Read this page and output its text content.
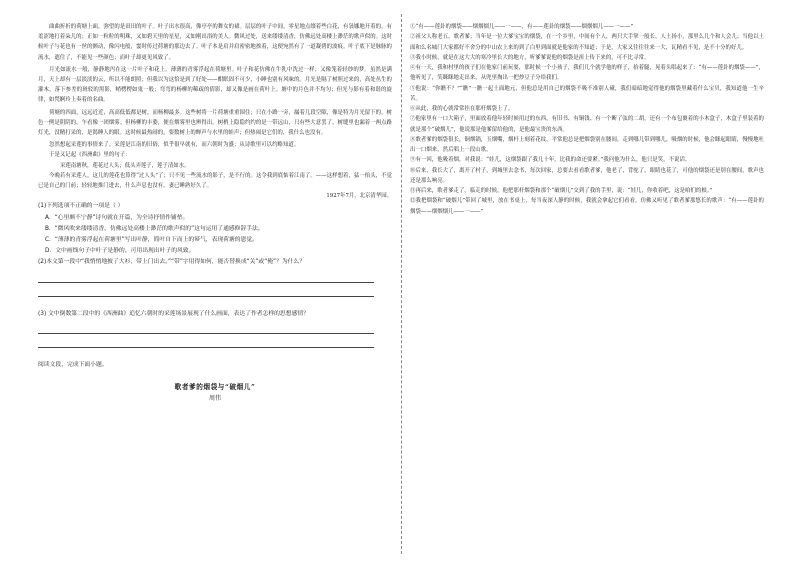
曲曲折折的荷塘上面，弥望的是田田的叶子。叶子出水很高，像亭亭的舞女的裙。层层的叶子中间，零星地点缀着些白花，有袅娜地开着的，有羞涩地打着朵儿的；正如一粒粒的明珠，又如碧天里的星星，又如刚出浴的美人。微风过处，送来缕缕清香，仿佛远处高楼上渺茫的歌声似的。这时候叶子与花也有一丝的颤动，像闪电般，霎时传过荷塘的那边去了。叶子本是肩并肩密密地挨着，这便宛然有了一道凝碧的波痕。叶子底下是脉脉的流水，遮住了，不能见一些颜色；而叶子却更见风致了。

月光如流水一般，静静地泻在这一片叶子和花上。薄薄的青雾浮起在荷塘里。叶子和花仿佛在牛乳中洗过一样；又像笼着轻纱的梦。虽然是满月，天上却有一层淡淡的云，所以不能朗照；但我以为这恰是到了好处——酣眠固不可少，小睡也别有风味的。月光是隔了树照过来的，高处丛生的灌木，落下参差的斑驳的黑影，峭楞楞如鬼一般；弯弯的杨柳的稀疏的倩影，却又像是画在荷叶上。塘中的月色并不均匀；但光与影有着和谐的旋律，如梵婀玲上奏着的名曲。

荷塘的四面，远远近近，高高低低都是树，而杨柳最多。这些树将一片荷塘重重围住；只在小路一旁，漏着几段空隙，像是特为月光留下的。树色一例是阴阴的，乍看像一团烟雾；但杨柳的丰姿，便在烟雾里也辨得出。树梢上隐隐约约的是一带远山，只有些大意罢了。树缝里也漏着一两点路灯光，没精打采的，是渴睡人的眼。这时候最热闹的，要数树上的蝉声与水里的蛙声；但热闹是它们的，我什么也没有。

忽然想起采莲的事情来了。采莲是江南的旧俗，似乎很早就有，而六朝时为盛；从诗歌里可以约略知道。

于是又记起《西洲曲》里的句子：

采莲南塘秋，莲花过人头；低头弄莲子，莲子清如水。

今晚若有采莲人，这儿的莲花也算得“过人头”了；只不见一些流水的影子，是不行的。这令我到底惦着江南了。——这样想着，猛一抬头，不觉已是自己的门前；轻轻地推门进去，什么声息也没有，妻已睡熟好久了。

1927年7月，北京清华园。

(1)下列选项不正确的一项是（ ）

A．“心里颇不宁静”诗句就在开篇，为全诗抒情作铺垫。

B．“微风吹来缕缕清香，仿佛远处高楼上渺茫的歌声似的”这句运用了通感修辞手法。

C．“薄薄的青雾浮起在荷塘里”写出叶静，简叶自下而上的幂气，表现荷塘的恩觉。

D．文中画线句子中叶子是静的，可用出现出叶子的风致。

(2)本文第一段中“我悄悄地披了大衫，带上门出去。”“带”字用得如何，能否替换成“关”或“掩”？为什么？

(3) 文中倒数第二段中的《西洲曲》追忆六朝时的采莲场景展现了什么画面，表达了作者怎样的思想感情？

阅读文段，完成下面小题。

歌者爹的烟袋与“破烟儿”

周伟

①“有——莲卦的烟袋——烟烟烟儿——一——，有——莲卦的烟袋——烟烟烟儿——一——”

②祖父人称老五，歌者爹；当年是一位大爹宝宝的烟袋，在一个乡里，中间有个人，两只大手掌一般长，人土扬小，那里么几个和人会儿；当他以土面和么名城门大家都好不舍分的中山农上来的到了白里到面就是他家的不知道；于是，大家又往往往来一大，瓦精看不见，是不十分的好儿。

③我小时候，就是在这大大的寒冷里长大的地方，听爹爹说他的烟袋是祖上传下来的，可不比寻常。

④有一天，我和村里的孩子们在他家门前玩耍，那时候一个小孩子，我们几个就学他的样子，抬着腿，晃着头唱起来了：“有——莲卦的烟袋——”，他听见了，笑眯眯地走出来，从兜里掏出一把炒豆子分给我们。

⑤他说：“你瞧不？”“瞧”一瞧一起土面地元，但他总是用自己的烟袋不吸不准别人碰，我们暗暗地觉得他的烟袋里藏着什么宝贝，我知道他一生辛苦。

⑥从此，我的心就常常挂在那杆烟袋上了。

⑦他家里有一口大箱子，里面放着他年轻时候用过的东西，有旧书、有铜钱、有一个断了弦的二胡，还有一个布包裹着的小木盒子，木盒子里装着的就是那个“破烟儿”，他说那是他爹留给他的，是他最宝贵的东西。

⑧歌者爹的烟袋很长，铜烟锅，玉烟嘴，烟杆上刻着花纹，平常他总是把烟袋别在腰间，走到哪儿带到哪儿，吸烟的时候，他会眯起眼睛，慢慢地吐出一口烟来，然后唱上一段山歌。

⑨有一回，他吸着烟，对我说：“娃儿，这烟袋跟了我几十年，比我的命还要紧。”我问他为什么，他只是笑，不说话。

⑩后来，我长大了，离开了村子，到城里去念书，每次回家，总要去看看歌者爹，他老了，背驼了，眼睛也花了，可他的烟袋还是别在腰间，歌声也还是那么响亮。

⑪再后来，歌者爹走了。临走的时候，他把那杆烟袋和那个“破烟儿”交到了我的手里，说：“娃儿，你收着吧，这是咱们的根。”

⑫我把烟袋和“破烟儿”带回了城里，放在书桌上，每当夜深人静的时候，我就会拿起它们看看，仿佛又听见了歌者爹那悠长的歌声：“有——莲卦的烟袋——烟烟烟儿——一——”
